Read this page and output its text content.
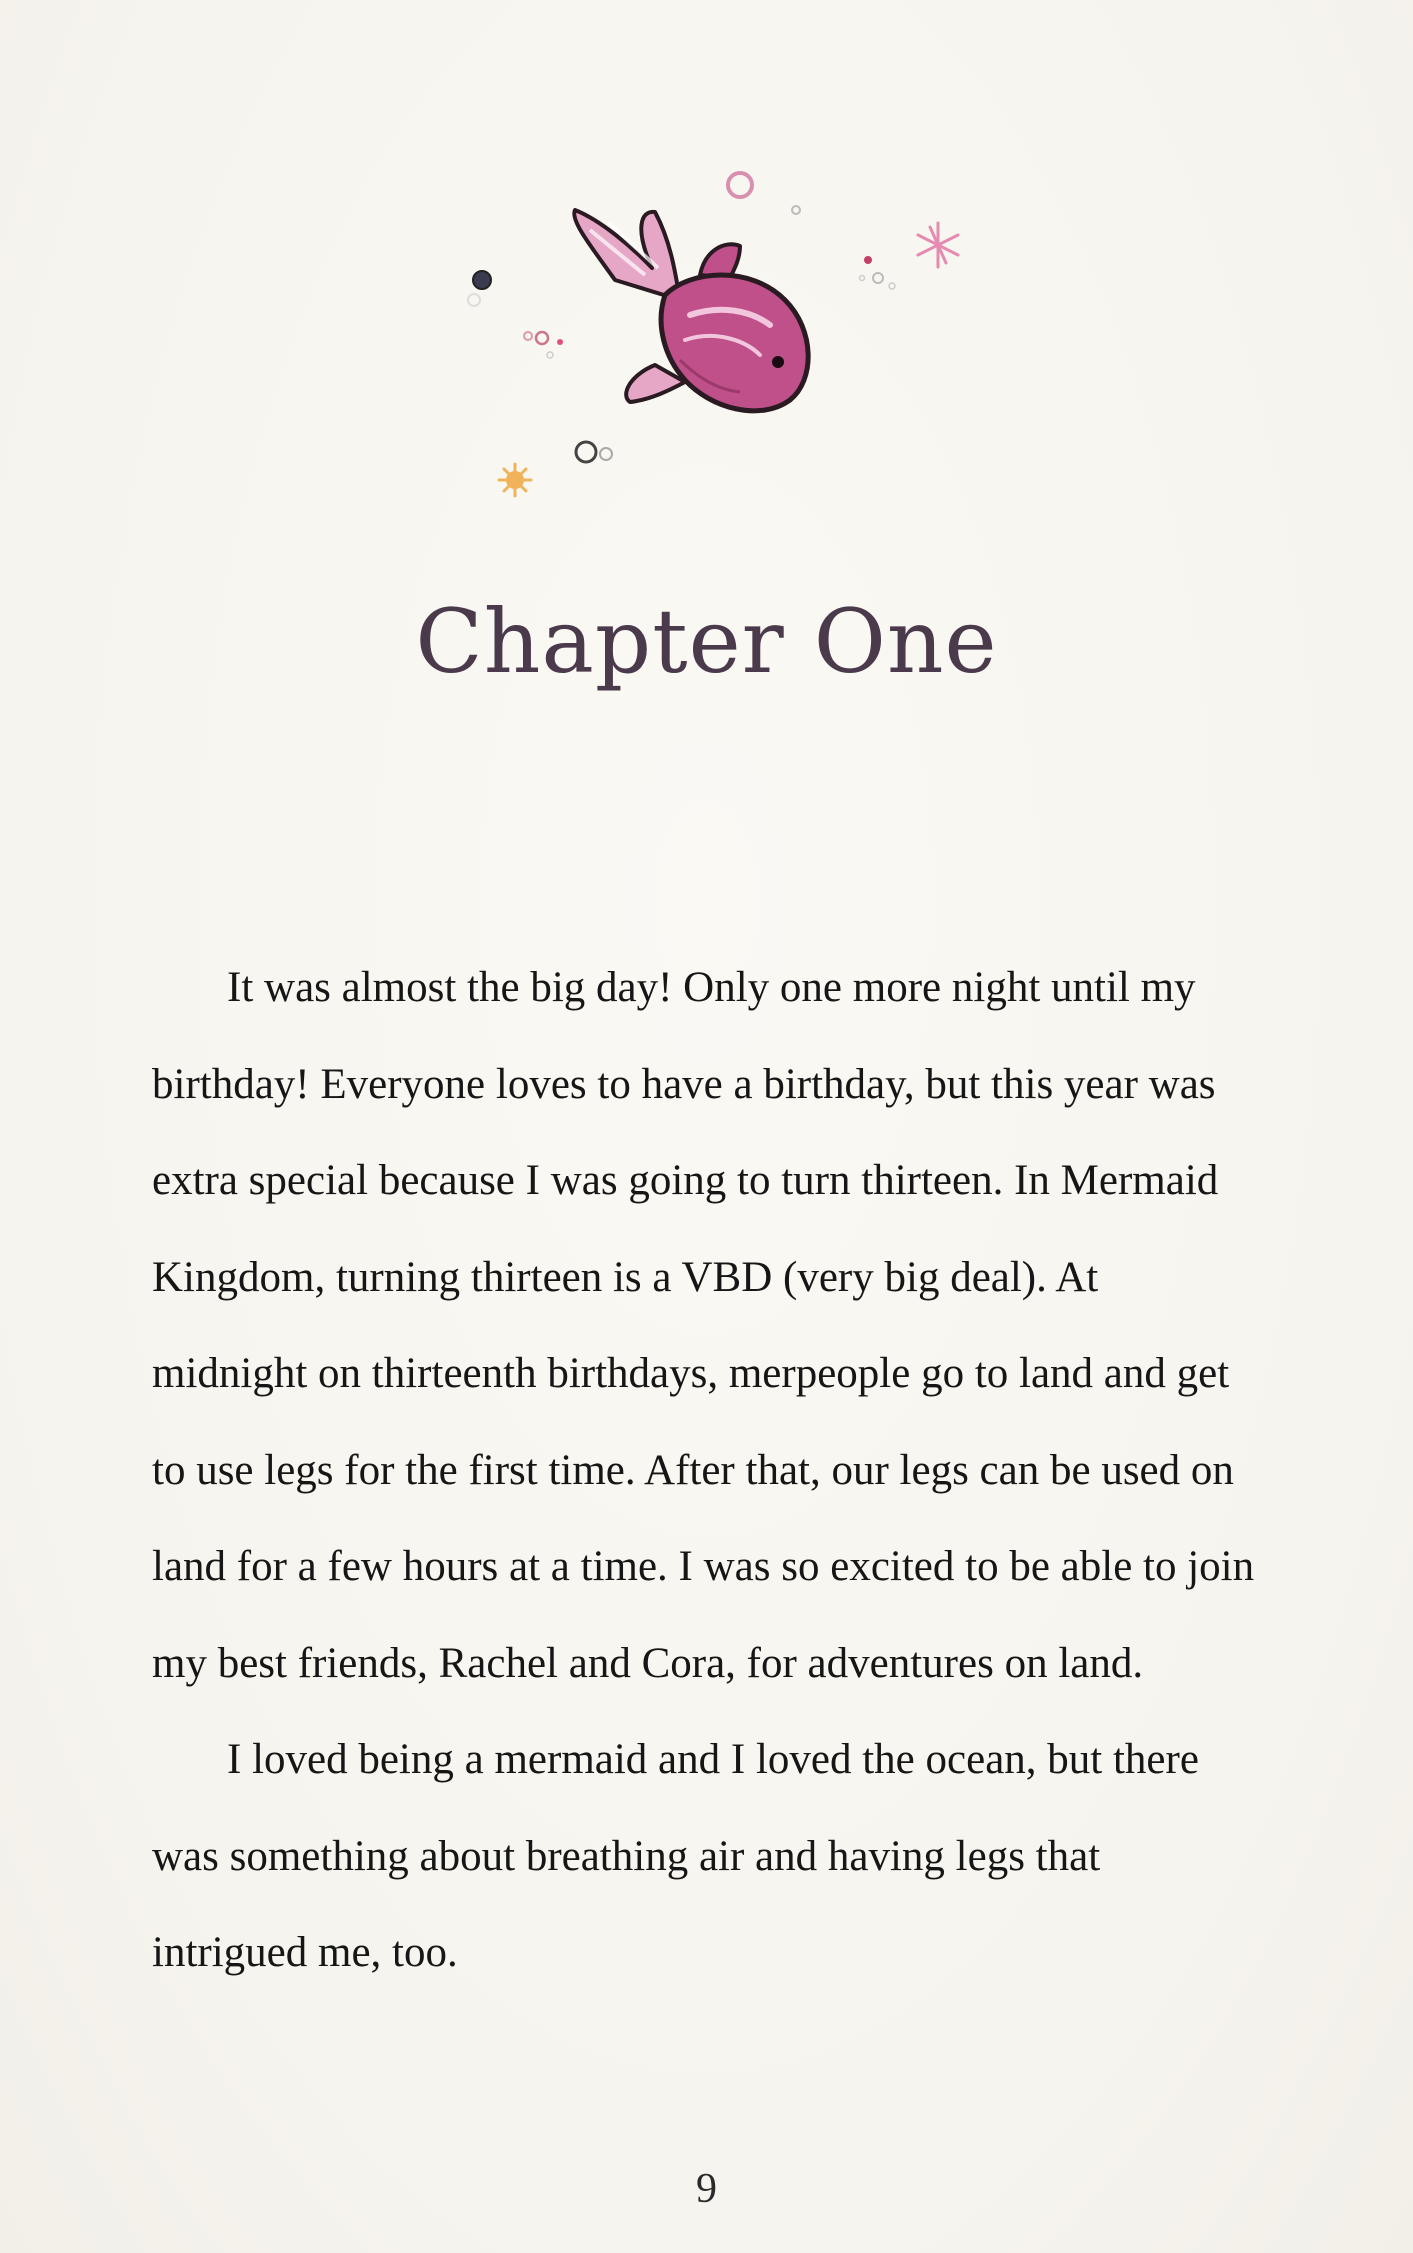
Chapter One

It was almost the big day! Only one more night until my birthday! Everyone loves to have a birthday, but this year was extra special because I was going to turn thirteen. In Mermaid Kingdom, turning thirteen is a VBD (very big deal). At midnight on thirteenth birthdays, merpeople go to land and get to use legs for the first time. After that, our legs can be used on land for a few hours at a time. I was so excited to be able to join my best friends, Rachel and Cora, for adventures on land.

I loved being a mermaid and I loved the ocean, but there was something about breathing air and having legs that intrigued me, too.

9
